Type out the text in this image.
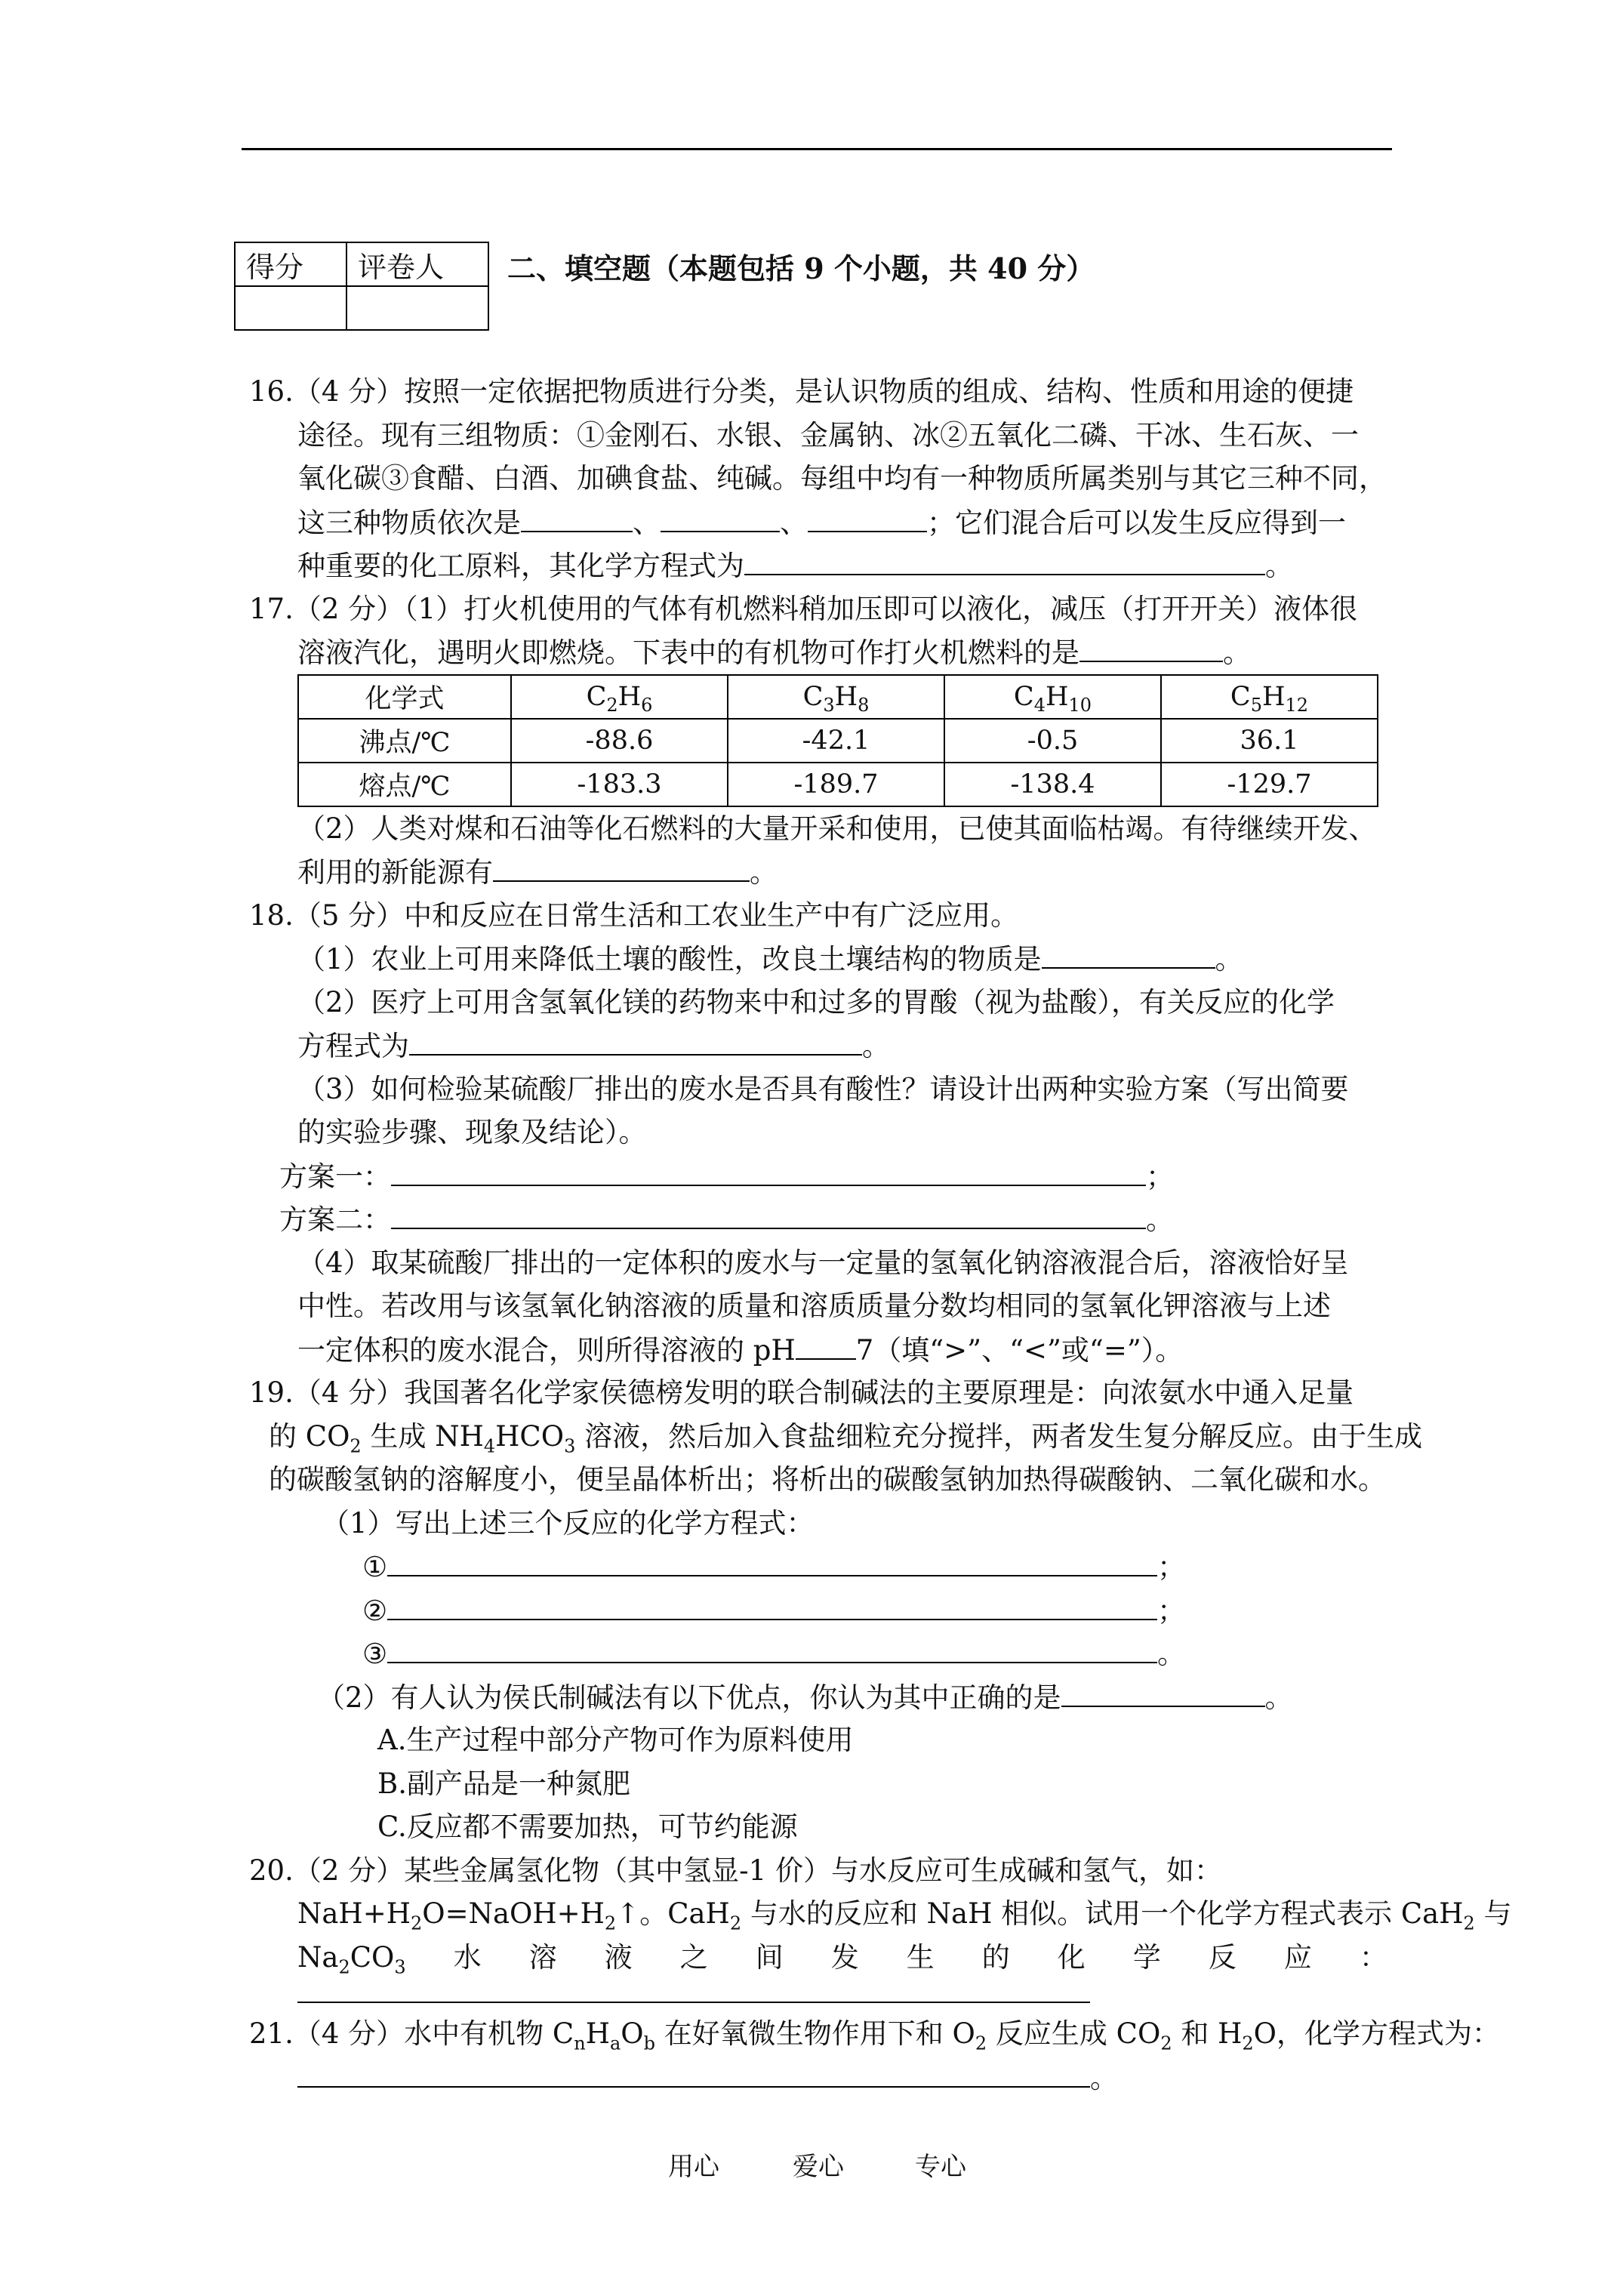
得分	评卷人
	二、填空题（本题包括 9 个小题，共 40 分）
16.（4 分）按照一定依据把物质进行分类，是认识物质的组成、结构、性质和用途的便捷
途径。现有三组物质：①金刚石、水银、金属钠、冰②五氧化二磷、干冰、生石灰、一
氧化碳③食醋、白酒、加碘食盐、纯碱。每组中均有一种物质所属类别与其它三种不同，
这三种物质依次是	、	、	；它们混合后可以发生反应得到一
种重要的化工原料，其化学方程式为	。
17.（2 分）（1）打火机使用的气体有机燃料稍加压即可以液化，减压（打开开关）液体很
溶液汽化，遇明火即燃烧。下表中的有机物可作打火机燃料的是	。
化学式	$C_2H_6$	$C_3H_8$	$C_4H_{10}$	$C_5H_{12}$
沸点/℃	-88.6	-42.1	-0.5	36.1
熔点/℃	-183.3	-189.7	-138.4	-129.7
（2）人类对煤和石油等化石燃料的大量开采和使用，已使其面临枯竭。有待继续开发、
利用的新能源有	。
18.（5 分）中和反应在日常生活和工农业生产中有广泛应用。
（1）农业上可用来降低土壤的酸性，改良土壤结构的物质是	。
（2）医疗上可用含氢氧化镁的药物来中和过多的胃酸（视为盐酸），有关反应的化学
方程式为	。
（3）如何检验某硫酸厂排出的废水是否具有酸性？请设计出两种实验方案（写出简要
的实验步骤、现象及结论）。
方案一：	；
方案二：	。
（4）取某硫酸厂排出的一定体积的废水与一定量的氢氧化钠溶液混合后，溶液恰好呈
中性。若改用与该氢氧化钠溶液的质量和溶质质量分数均相同的氢氧化钾溶液与上述
一定体积的废水混合，则所得溶液的 pH 7（填“>”、“<”或“=”）。
19.（4 分）我国著名化学家侯德榜发明的联合制碱法的主要原理是：向浓氨水中通入足量
的 $CO_2$ 生成 $NH_4HCO_3$ 溶液，然后加入食盐细粒充分搅拌，两者发生复分解反应。由于生成
的碳酸氢钠的溶解度小，便呈晶体析出；将析出的碳酸氢钠加热得碳酸钠、二氧化碳和水。
（1）写出上述三个反应的化学方程式：
①	；
②	；
③	。
（2）有人认为侯氏制碱法有以下优点，你认为其中正确的是	。
A.生产过程中部分产物可作为原料使用
B.副产品是一种氮肥
C.反应都不需要加热，可节约能源
20.（2 分）某些金属氢化物（其中氢显-1 价）与水反应可生成碱和氢气，如：
$NaH+H_2O=NaOH+H_2↑$。CaH$_2$ 与水的反应和 NaH 相似。试用一个化学方程式表示 CaH$_2$ 与
$Na_2CO_3$ 水 溶 液 之 间 发 生 的 化 学 反 应 ：
21.（4 分）水中有机物 $C_nH_aO_b$ 在好氧微生物作用下和 $O_2$ 反应生成 $CO_2$ 和 $H_2O$，化学方程式为：
。
用心	爱心	专心
